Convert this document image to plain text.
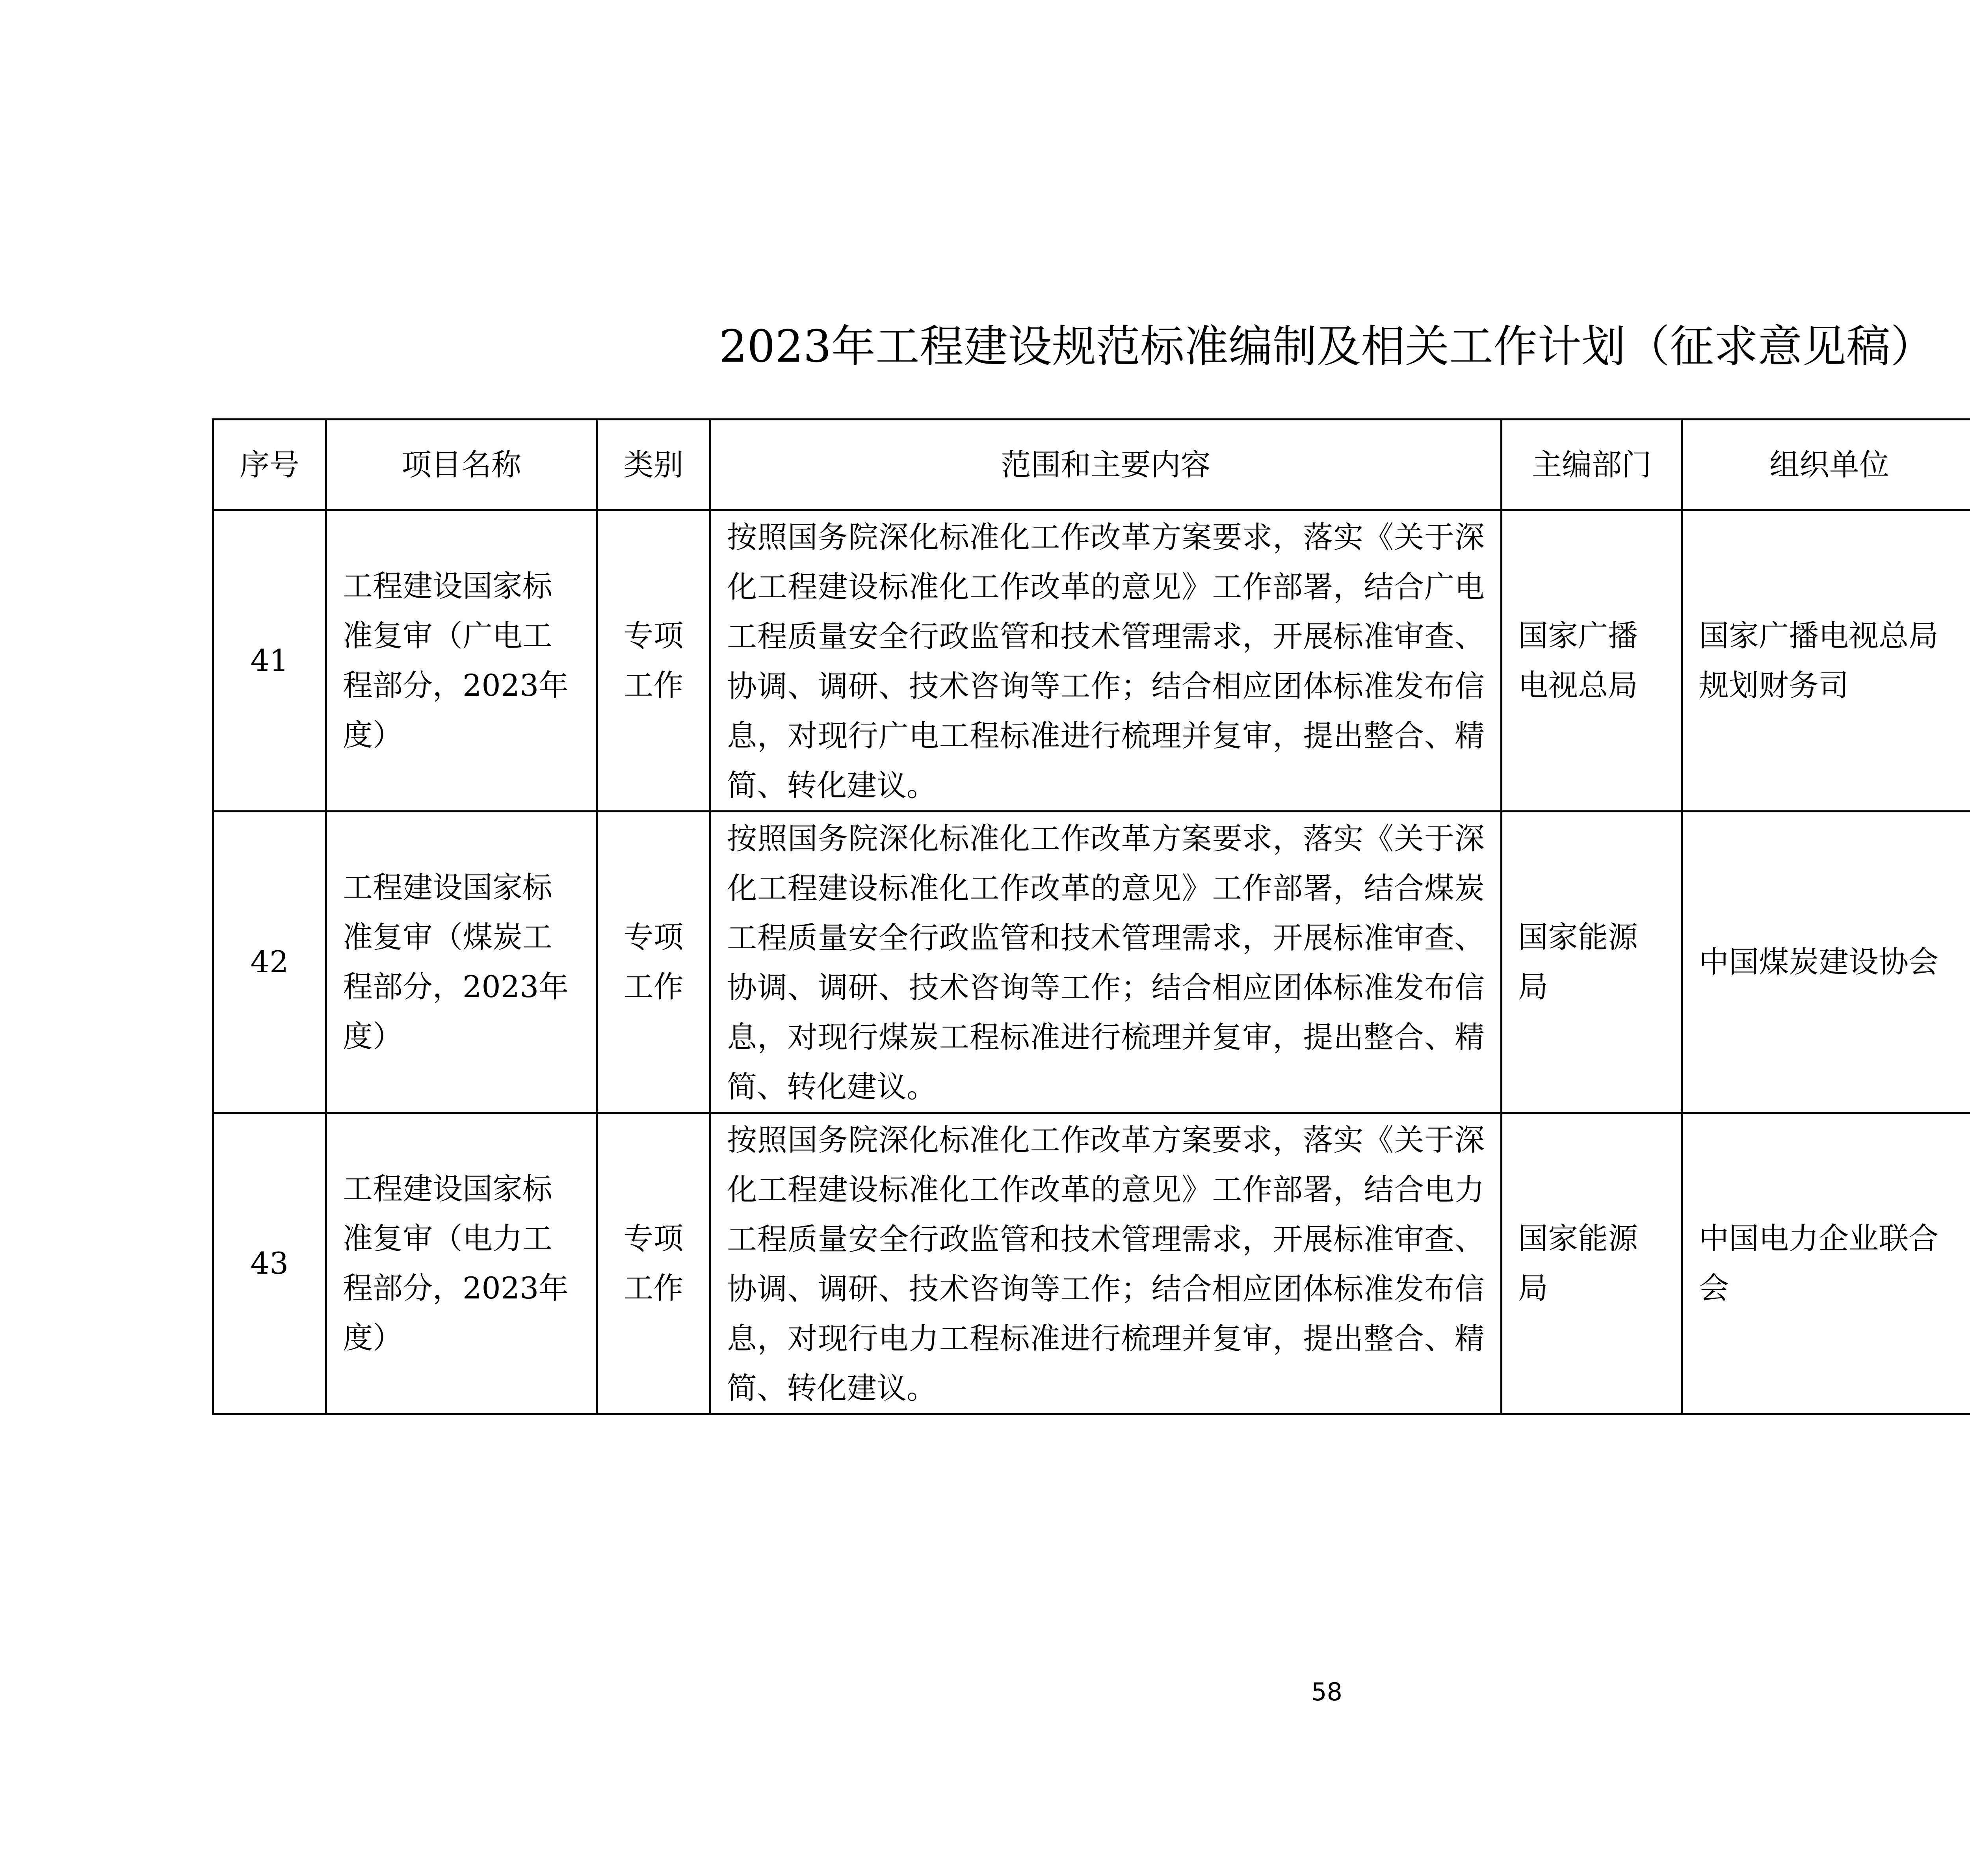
2023年工程建设规范标准编制及相关工作计划（征求意见稿）
序号	项目名称	类别	范围和主要内容	主编部门	组织单位		
41	工程建设国家标准复审（广电工程部分，2023年度）	专项工作	按照国务院深化标准化工作改革方案要求，落实《关于深化工程建设标准化工作改革的意见》工作部署，结合广电工程质量安全行政监管和技术管理需求，开展标准审查、协调、调研、技术咨询等工作；结合相应团体标准发布信息，对现行广电工程标准进行梳理并复审，提出整合、精简、转化建议。	国家广播电视总局	国家广播电视总局规划财务司		
42	工程建设国家标准复审（煤炭工程部分，2023年度）	专项工作	按照国务院深化标准化工作改革方案要求，落实《关于深化工程建设标准化工作改革的意见》工作部署，结合煤炭工程质量安全行政监管和技术管理需求，开展标准审查、协调、调研、技术咨询等工作；结合相应团体标准发布信息，对现行煤炭工程标准进行梳理并复审，提出整合、精简、转化建议。	国家能源局	中国煤炭建设协会		
43	工程建设国家标准复审（电力工程部分，2023年度）	专项工作	按照国务院深化标准化工作改革方案要求，落实《关于深化工程建设标准化工作改革的意见》工作部署，结合电力工程质量安全行政监管和技术管理需求，开展标准审查、协调、调研、技术咨询等工作；结合相应团体标准发布信息，对现行电力工程标准进行梳理并复审，提出整合、精简、转化建议。	国家能源局	中国电力企业联合会		
58
